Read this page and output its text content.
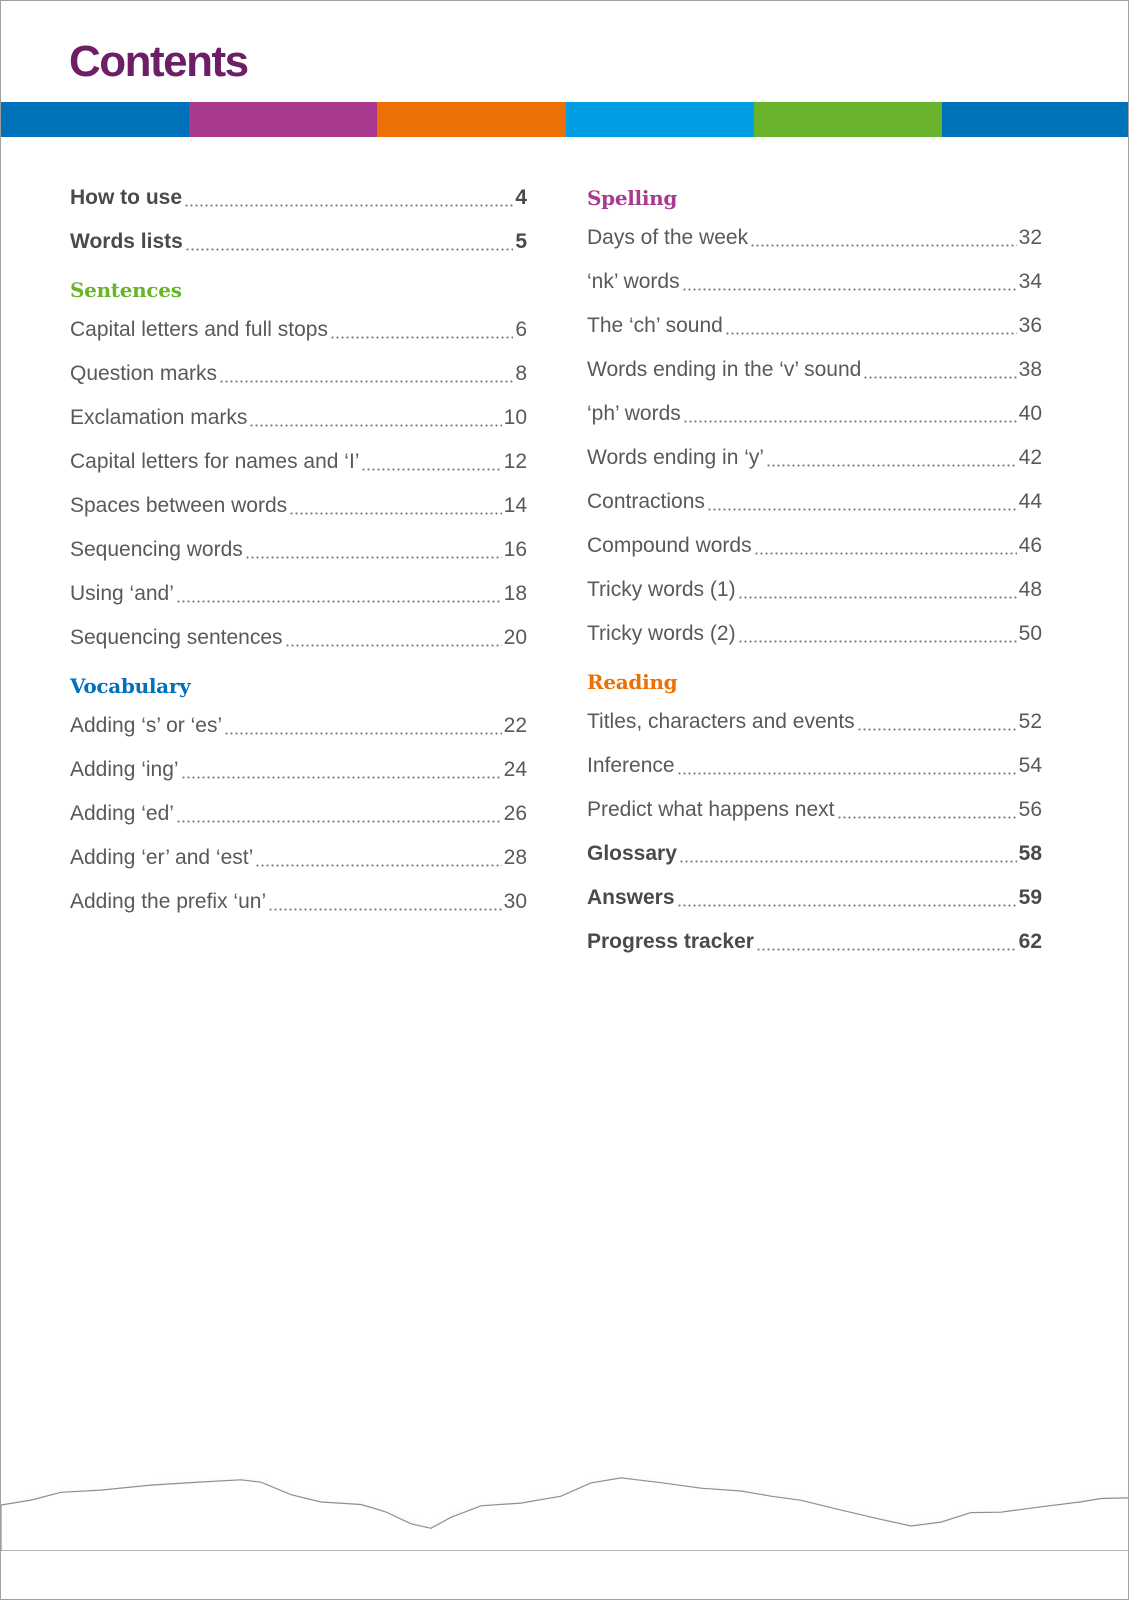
Contents
How to use	4
Words lists	5
Sentences
Capital letters and full stops	6
Question marks	8
Exclamation marks	10
Capital letters for names and ‘I’	12
Spaces between words	14
Sequencing words	16
Using ‘and’	18
Sequencing sentences	20
Vocabulary
Adding ‘s’ or ‘es’	22
Adding ‘ing’	24
Adding ‘ed’	26
Adding ‘er’ and ‘est’	28
Adding the prefix ‘un’	30
Spelling
Days of the week	32
‘nk’ words	34
The ‘ch’ sound	36
Words ending in the ‘v’ sound	38
‘ph’ words	40
Words ending in ‘y’	42
Contractions	44
Compound words	46
Tricky words (1)	48
Tricky words (2)	50
Reading
Titles, characters and events	52
Inference	54
Predict what happens next	56
Glossary	58
Answers	59
Progress tracker	62
